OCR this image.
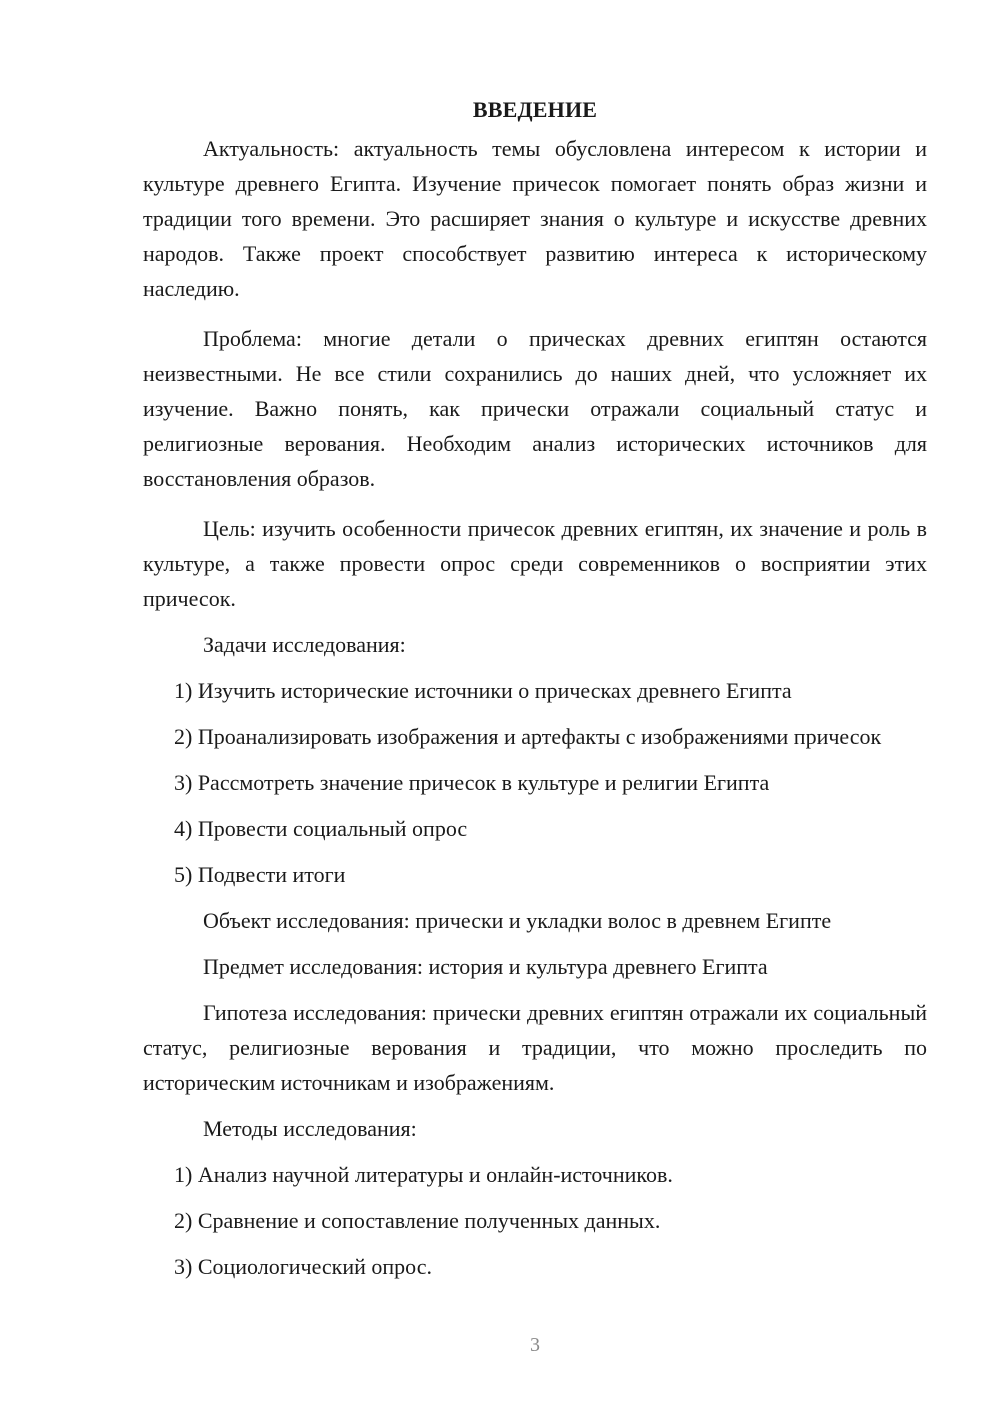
ВВЕДЕНИЕ

Актуальность: актуальность темы обусловлена интересом к истории и культуре древнего Египта. Изучение причесок помогает понять образ жизни и традиции того времени. Это расширяет знания о культуре и искусстве древних народов. Также проект способствует развитию интереса к историческому наследию.

Проблема: многие детали о прическах древних египтян остаются неизвестными. Не все стили сохранились до наших дней, что усложняет их изучение. Важно понять, как прически отражали социальный статус и религиозные верования. Необходим анализ исторических источников для восстановления образов.

Цель: изучить особенности причесок древних египтян, их значение и роль в культуре, а также провести опрос среди современников о восприятии этих причесок.

Задачи исследования:
1) Изучить исторические источники о прическах древнего Египта
2) Проанализировать изображения и артефакты с изображениями причесок
3) Рассмотреть значение причесок в культуре и религии Египта
4) Провести социальный опрос
5) Подвести итоги
Объект исследования: прически и укладки волос в древнем Египте
Предмет исследования: история и культура древнего Египта

Гипотеза исследования: прически древних египтян отражали их социальный статус, религиозные верования и традиции, что можно проследить по историческим источникам и изображениям.

Методы исследования:
1) Анализ научной литературы и онлайн-источников.
2) Сравнение и сопоставление полученных данных.
3) Социологический опрос.
3
